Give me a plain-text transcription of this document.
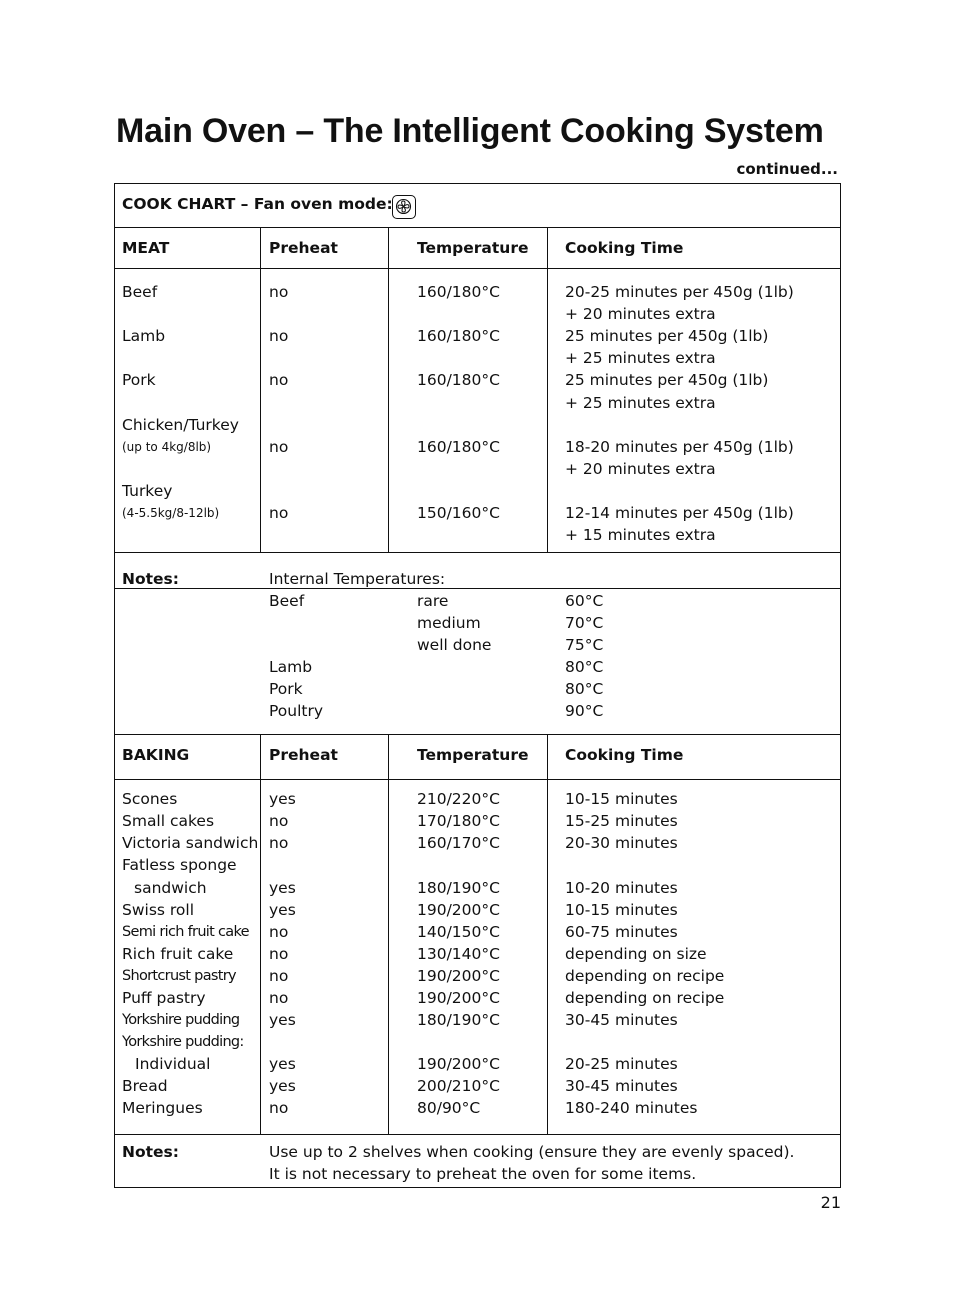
Main Oven – The Intelligent Cooking System
continued...
COOK CHART – Fan oven mode:
MEAT	Preheat	Temperature Cooking Time
Beef	no	160/180°C	20-25 minutes per 450g (1lb)
+ 20 minutes extra
Lamb	no	160/180°C	25 minutes per 450g (1lb)
+ 25 minutes extra
Pork	no	160/180°C	25 minutes per 450g (1lb)
+ 25 minutes extra
Chicken/Turkey
(up to 4kg/8lb)	no	160/180°C	18-20 minutes per 450g (1lb)
+ 20 minutes extra
Turkey
(4-5.5kg/8-12lb)	no	150/160°C	12-14 minutes per 450g (1lb)
+ 15 minutes extra
Notes:	Internal Temperatures:
Beef	rare	60°C
medium	70°C
well done	75°C
Lamb	80°C
Pork	80°C
Poultry	90°C
BAKING	Preheat	Temperature Cooking Time
Scones	yes	210/220°C	10-15 minutes
Small cakes	no	170/180°C	15-25 minutes
Victoria sandwich no	160/170°C	20-30 minutes
Fatless sponge
sandwich	yes	180/190°C	10-20 minutes
Swiss roll	yes	190/200°C	10-15 minutes
Semi rich fruit cake no	140/150°C	60-75 minutes
Rich fruit cake no	130/140°C	depending on size
Shortcrust pastry no	190/200°C	depending on recipe
Puff pastry	no	190/200°C	depending on recipe
Yorkshire pudding yes	180/190°C	30-45 minutes
Yorkshire pudding:
Individual	yes	190/200°C	20-25 minutes
Bread	yes	200/210°C	30-45 minutes
Meringues	no	80/90°C	180-240 minutes
Notes:	Use up to 2 shelves when cooking (ensure they are evenly spaced).
It is not necessary to preheat the oven for some items.
21
